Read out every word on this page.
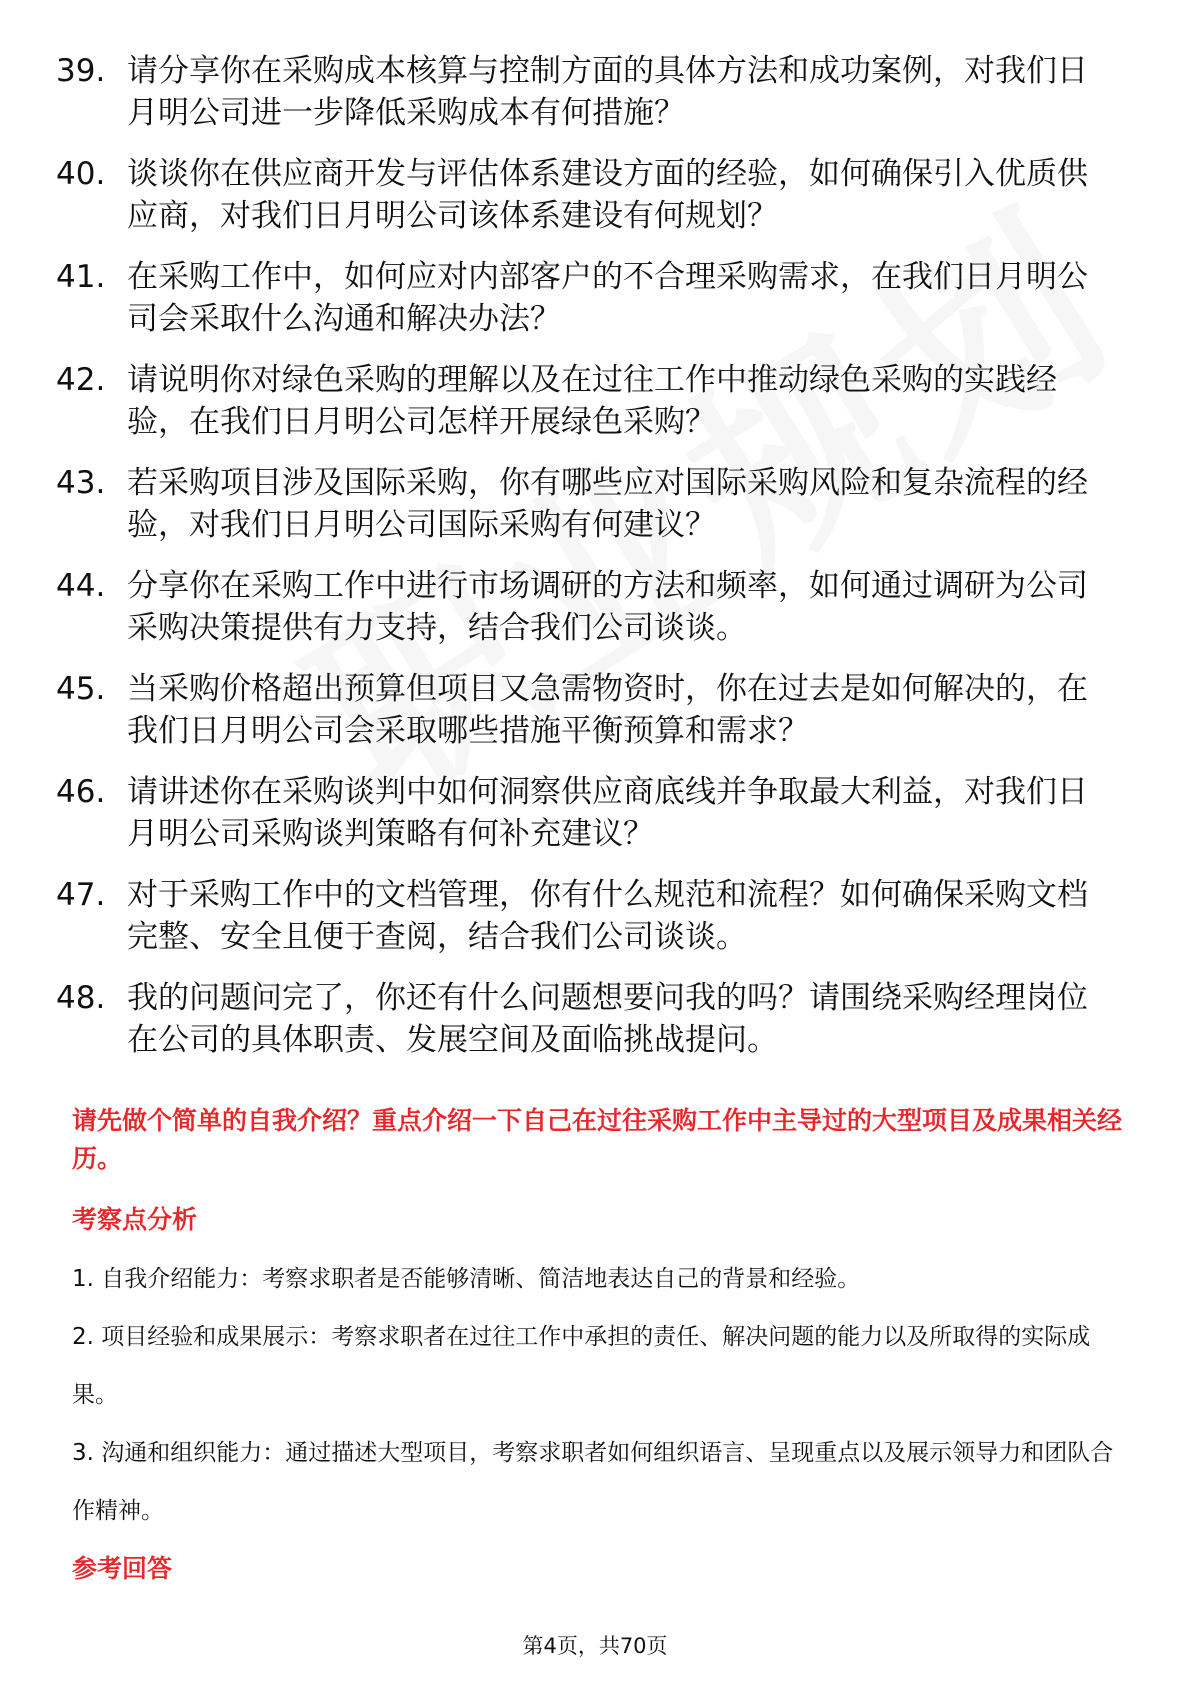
39. 请分享你在采购成本核算与控制方面的具体方法和成功案例，对我们日月明公司进一步降低采购成本有何措施？
40. 谈谈你在供应商开发与评估体系建设方面的经验，如何确保引入优质供应商，对我们日月明公司该体系建设有何规划？
41. 在采购工作中，如何应对内部客户的不合理采购需求，在我们日月明公司会采取什么沟通和解决办法？
42. 请说明你对绿色采购的理解以及在过往工作中推动绿色采购的实践经验，在我们日月明公司怎样开展绿色采购？
43. 若采购项目涉及国际采购，你有哪些应对国际采购风险和复杂流程的经验，对我们日月明公司国际采购有何建议？
44. 分享你在采购工作中进行市场调研的方法和频率，如何通过调研为公司采购决策提供有力支持，结合我们公司谈谈。
45. 当采购价格超出预算但项目又急需物资时，你在过去是如何解决的，在我们日月明公司会采取哪些措施平衡预算和需求？
46. 请讲述你在采购谈判中如何洞察供应商底线并争取最大利益，对我们日月明公司采购谈判策略有何补充建议？
47. 对于采购工作中的文档管理，你有什么规范和流程？如何确保采购文档完整、安全且便于查阅，结合我们公司谈谈。
48. 我的问题问完了，你还有什么问题想要问我的吗？请围绕采购经理岗位在公司的具体职责、发展空间及面临挑战提问。
请先做个简单的自我介绍？重点介绍一下自己在过往采购工作中主导过的大型项目及成果相关经历。
考察点分析
1. 自我介绍能力：考察求职者是否能够清晰、简洁地表达自己的背景和经验。
2. 项目经验和成果展示：考察求职者在过往工作中承担的责任、解决问题的能力以及所取得的实际成果。
3. 沟通和组织能力：通过描述大型项目，考察求职者如何组织语言、呈现重点以及展示领导力和团队合作精神。
参考回答
第4页，共70页
